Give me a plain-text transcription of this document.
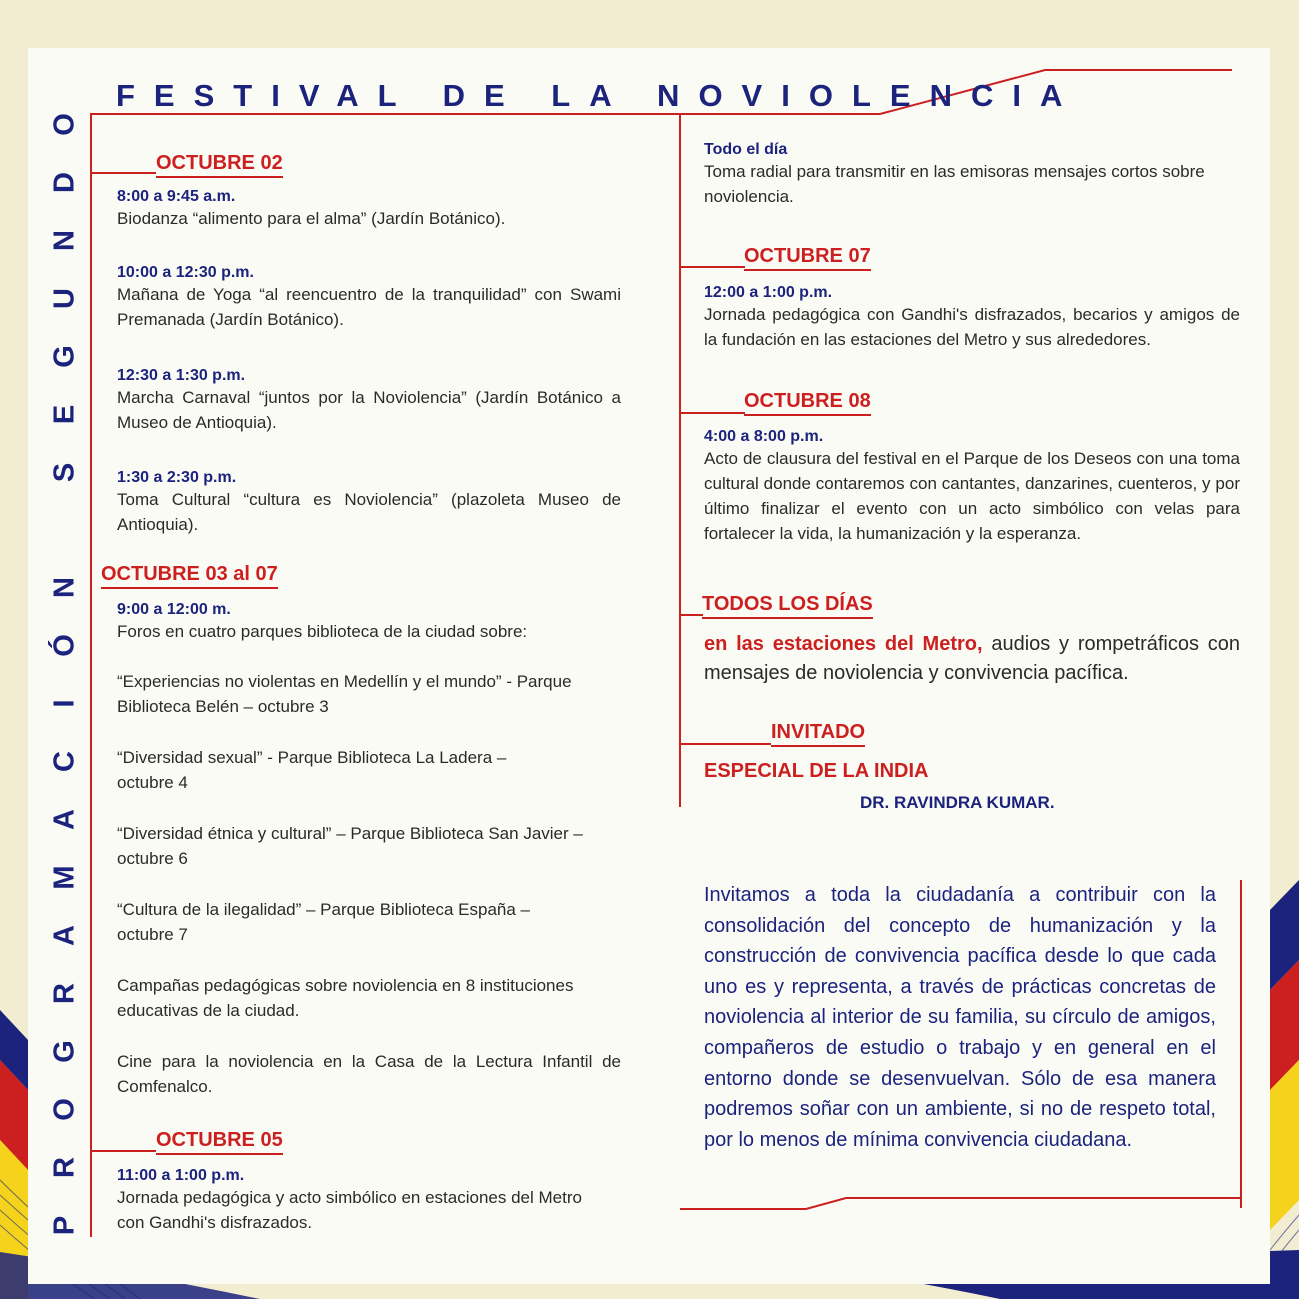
FESTIVAL DE LA NOVIOLENCIA
O
D
N
U
G
E
S
N
Ó
I
C
A
M
A
R
G
O
R
P
OCTUBRE 02
8:00 a 9:45 a.m.
Biodanza “alimento para el alma” (Jardín Botánico).
10:00 a 12:30 p.m.
Mañana de Yoga “al reencuentro de la tranquilidad” con Swami Premanada (Jardín Botánico).
12:30 a 1:30 p.m.
Marcha Carnaval “juntos por la Noviolencia” (Jardín Botánico a Museo de Antioquia).
1:30 a 2:30 p.m.
Toma Cultural “cultura es Noviolencia” (plazoleta Museo de Antioquia).
OCTUBRE 03 al 07
9:00 a 12:00 m.
Foros en cuatro parques biblioteca de la ciudad sobre:
“Experiencias no violentas en Medellín y el mundo” - Parque Biblioteca Belén – octubre 3
“Diversidad sexual” - Parque Biblioteca La Ladera – octubre 4
“Diversidad étnica y cultural” – Parque Biblioteca San Javier – octubre 6
“Cultura de la ilegalidad” – Parque Biblioteca España – octubre 7
Campañas pedagógicas sobre noviolencia en 8 instituciones educativas de la ciudad.
Cine para la noviolencia en la Casa de la Lectura Infantil de Comfenalco.
OCTUBRE 05
11:00 a 1:00 p.m.
Jornada pedagógica y acto simbólico en estaciones del Metro con Gandhi's disfrazados.
Todo el día
Toma radial para transmitir en las emisoras mensajes cortos sobre noviolencia.
OCTUBRE 07
12:00 a 1:00 p.m.
Jornada pedagógica con Gandhi's disfrazados, becarios y amigos de la fundación en las estaciones del Metro y sus alrededores.
OCTUBRE 08
4:00 a 8:00 p.m.
Acto de clausura del festival en el Parque de los Deseos con una toma cultural donde contaremos con cantantes, danzarines, cuenteros, y por último finalizar el evento con un acto simbólico con velas para fortalecer la vida, la humanización y la esperanza.
TODOS LOS DÍAS
en las estaciones del Metro, audios y rompetráficos con mensajes de noviolencia y convivencia pacífica.
INVITADO
ESPECIAL DE LA INDIA
DR. RAVINDRA KUMAR.
Invitamos a toda la ciudadanía a contribuir con la consolidación del concepto de humanización y la construcción de convivencia pacífica desde lo que cada uno es y representa, a través de prácticas concretas de noviolencia al interior de su familia, su círculo de amigos, compañeros de estudio o trabajo y en general en el entorno donde se desenvuelvan. Sólo de esa manera podremos soñar con un ambiente, si no de respeto total, por lo menos de mínima convivencia ciudadana.
